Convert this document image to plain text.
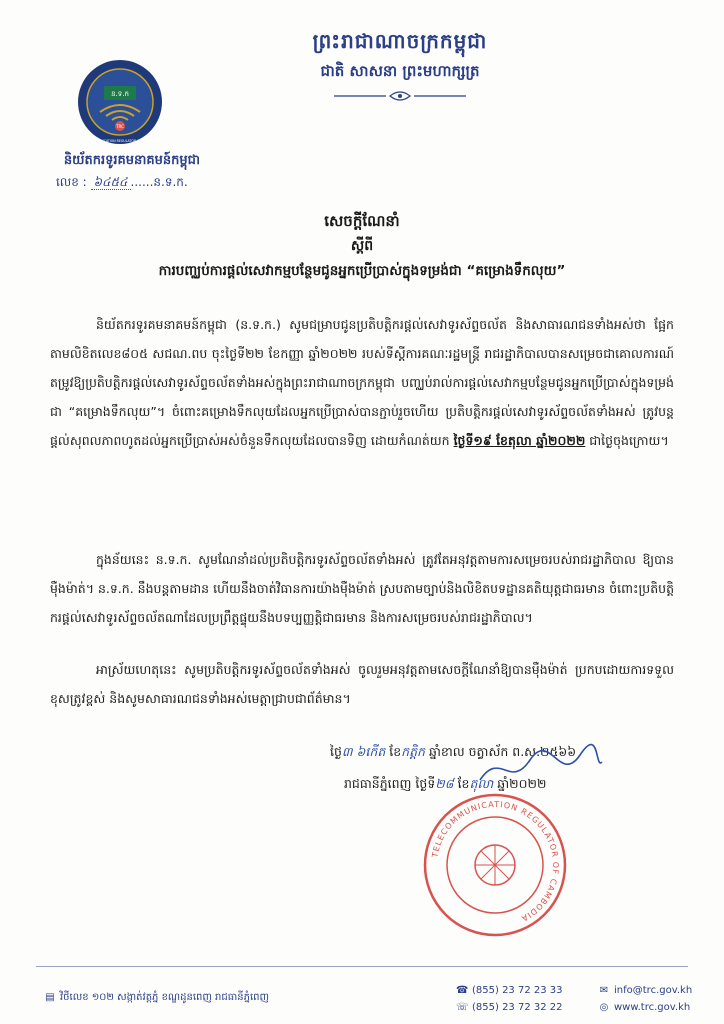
ព្រះរាជាណាចក្រកម្ពុជា
ជាតិ សាសនា ព្រះមហាក្សត្រ
ន.ទ.ក
TRC
TELECOMMUNICATION REGULATOR OF CAMBODIA
និយ័តករទូរគមនាគមន៍កម្ពុជា
លេខ : ៦៤៥៤ ......ន.ទ.ក.
សេចក្តីណែនាំ
ស្តីពី
ការបញ្ឈប់ការផ្តល់សេវាកម្មបន្ថែមជូនអ្នកប្រើប្រាស់ក្នុងទម្រង់ជា “គម្រោងទឹកលុយ”
និយ័តករទូរគមនាគមន៍កម្ពុជា (ន.ទ.ក.) សូមជម្រាបជូនប្រតិបត្តិករផ្តល់សេវាទូរស័ព្ទចល័ត និងសាធារណជនទាំងអស់ថា ផ្អែកតាមលិខិតលេខ៨០៥ សជណ.ពប ចុះថ្ងៃទី២២ ខែកញ្ញា ឆ្នាំ២០២២ របស់ទីស្តីការគណៈរដ្ឋមន្ត្រី រាជរដ្ឋាភិបាលបានសម្រេចជាគោលការណ៍តម្រូវឱ្យប្រតិបត្តិករផ្តល់សេវាទូរស័ព្ទចល័តទាំងអស់ក្នុងព្រះរាជាណាចក្រកម្ពុជា បញ្ឈប់រាល់ការផ្តល់សេវាកម្មបន្ថែមជូនអ្នកប្រើប្រាស់ក្នុងទម្រង់ជា “គម្រោងទឹកលុយ”។ ចំពោះគម្រោងទឹកលុយដែលអ្នកប្រើប្រាស់បានភ្ជាប់រួចហើយ ប្រតិបត្តិករផ្តល់សេវាទូរស័ព្ទចល័តទាំងអស់ ត្រូវបន្តផ្តល់សុពលភាពហូតដល់អ្នកប្រើប្រាស់អស់ចំនួនទឹកលុយដែលបានទិញ ដោយកំណត់យក ថ្ងៃទី១៩ ខែតុលា ឆ្នាំ២០២២ ជាថ្ងៃចុងក្រោយ។
ក្នុងន័យនេះ ន.ទ.ក. សូមណែនាំដល់ប្រតិបត្តិករទូរស័ព្ទចល័តទាំងអស់ ត្រូវតែអនុវត្តតាមការសម្រេចរបស់រាជរដ្ឋាភិបាល ឱ្យបានម៉ឺងម៉ាត់។ ន.ទ.ក. នឹងបន្តតាមដាន ហើយនឹងចាត់វិធានការយ៉ាងម៉ឺងម៉ាត់ ស្របតាមច្បាប់និងលិខិតបទដ្ឋានគតិយុត្តជាធរមាន ចំពោះប្រតិបត្តិករផ្តល់សេវាទូរស័ព្ទចល័តណាដែលប្រព្រឹត្តផ្ទុយនឹងបទប្បញ្ញត្តិជាធរមាន និងការសម្រេចរបស់រាជរដ្ឋាភិបាល។
អាស្រ័យហេតុនេះ សូមប្រតិបត្តិករទូរស័ព្ទចល័តទាំងអស់ ចូលរួមអនុវត្តតាមសេចក្តីណែនាំឱ្យបានម៉ឺងម៉ាត់ ប្រកបដោយការទទួលខុសត្រូវខ្ពស់ និងសូមសាធារណជនទាំងអស់មេត្តាជ្រាបជាព័ត៌មាន។
ថ្ងៃ៣ ៦កើត ខែកត្តិក ឆ្នាំខាល ចត្វាស័ក ព.ស.២៥៦៦
រាជធានីភ្នំពេញ ថ្ងៃទី២៨ ខែតុលា ឆ្នាំ២០២២
TELECOMMUNICATION REGULATOR OF CAMBODIA
▤ វិថីលេខ ១០២ សង្កាត់វត្តភ្នំ ខណ្ឌដូនពេញ រាជធានីភ្នំពេញ
☎ (855) 23 72 23 33
☏ (855) 23 72 32 22
✉ info@trc.gov.kh
◎ www.trc.gov.kh
